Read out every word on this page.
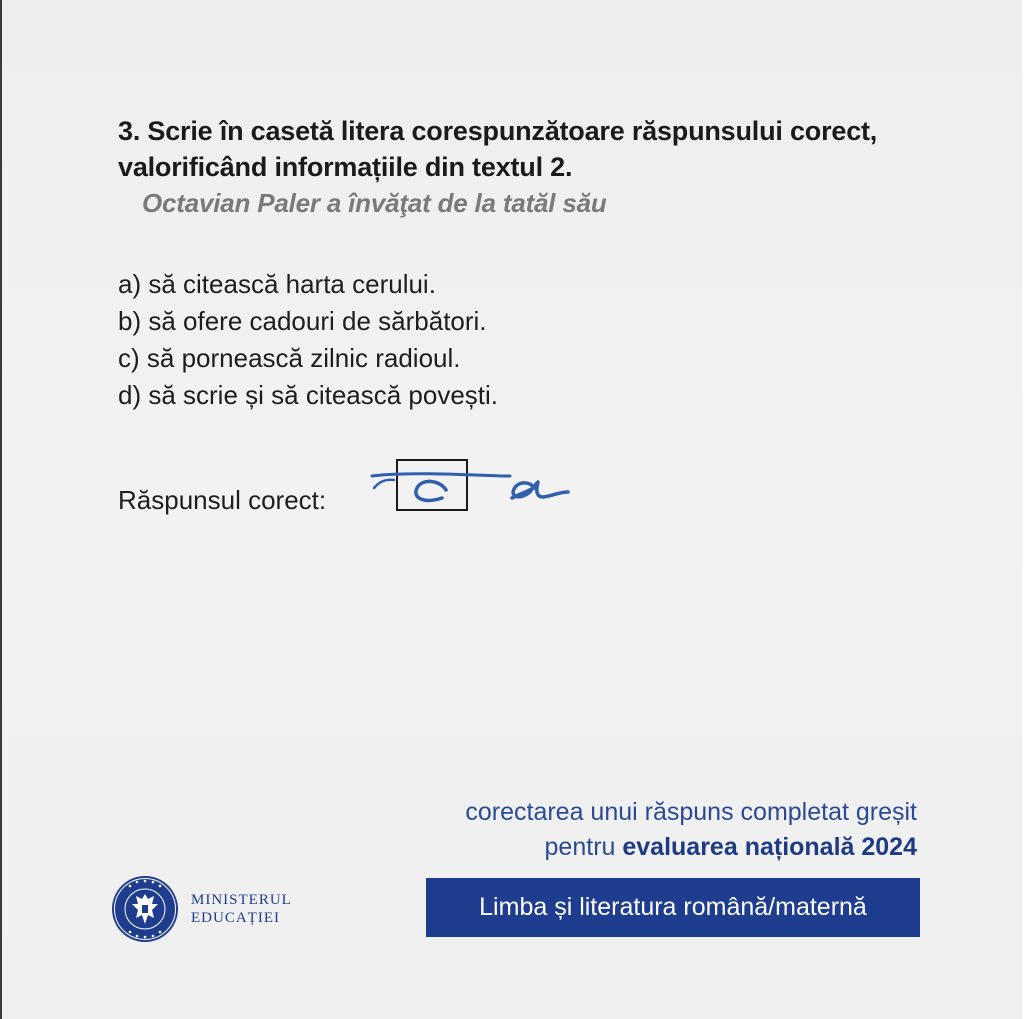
3. Scrie în casetă litera corespunzătoare răspunsului corect, valorificând informațiile din textul 2.

Octavian Paler a învăţat de la tatăl său
a) să citească harta cerului.
b) să ofere cadouri de sărbători.
c) să pornească zilnic radioul.
d) să scrie și să citească povești.
Răspunsul corect:
corectarea unui răspuns completat greșit
pentru evaluarea națională 2024
Limba și literatura română/maternă
MINISTERUL
EDUCAȚIEI
